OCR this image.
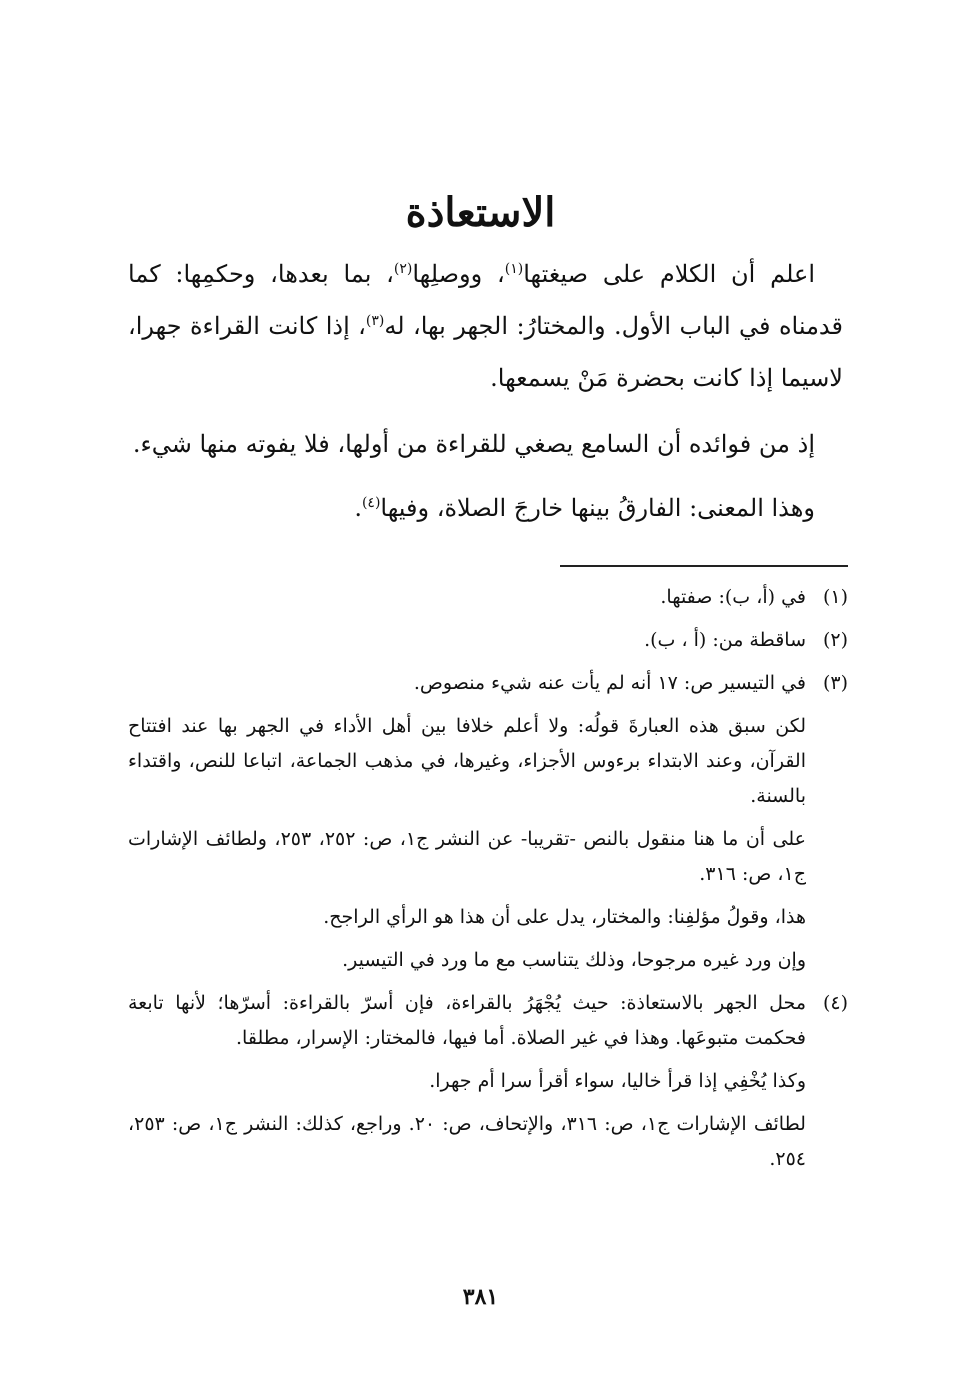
الاستعاذة

اعلم أن الكلام على صيغتها$^{(١)}$، ووصلِها$^{(٢)}$، بما بعدها، وحكمِها: كما قدمناه في الباب الأول. والمختارُ: الجهر بها، له$^{(٣)}$، إذا كانت القراءة جهرا، لاسيما إذا كانت بحضرة مَنْ يسمعها.

إذ من فوائده أن السامع يصغي للقراءة من أولها، فلا يفوته منها شيء.

وهذا المعنى: الفارقُ بينها خارجَ الصلاة، وفيها$^{(٤)}$.

(١)
في (أ، ب): صفتها.
(٢)
ساقطة من: (أ ، ب).
(٣)
في التيسير ص: ١٧ أنه لم يأت عنه شيء منصوص.

لكن سبق هذه العبارةَ قولُه: ولا أعلم خلافا بين أهل الأداء في الجهر بها عند افتتاح القرآن، وعند الابتداء برءوس الأجزاء، وغيرها، في مذهب الجماعة، اتباعا للنص، واقتداء بالسنة.

على أن ما هنا منقول بالنص -تقريبا- عن النشر ج١، ص: ٢٥٢، ٢٥٣، ولطائف الإشارات ج١، ص: ٣١٦.

هذا، وقولُ مؤلفِنا: والمختار، يدل على أن هذا هو الرأي الراجح.

وإن ورد غيره مرجوحا، وذلك يتناسب مع ما ورد في التيسير.

(٤)
محل الجهر بالاستعاذة: حيث يُجْهَرُ بالقراءة، فإن أسرّ بالقراءة: أسرّها؛ لأنها تابعة فحكمت متبوعَها. وهذا في غير الصلاة. أما فيها، فالمختار: الإسرار، مطلقا.

وكذا يُخْفِي إذا قرأ خاليا، سواء أقرأ سرا أم جهرا.

لطائف الإشارات ج١، ص: ٣١٦، والإتحاف، ص: ٢٠. وراجع، كذلك: النشر ج١، ص: ٢٥٣، ٢٥٤.

٣٨١
